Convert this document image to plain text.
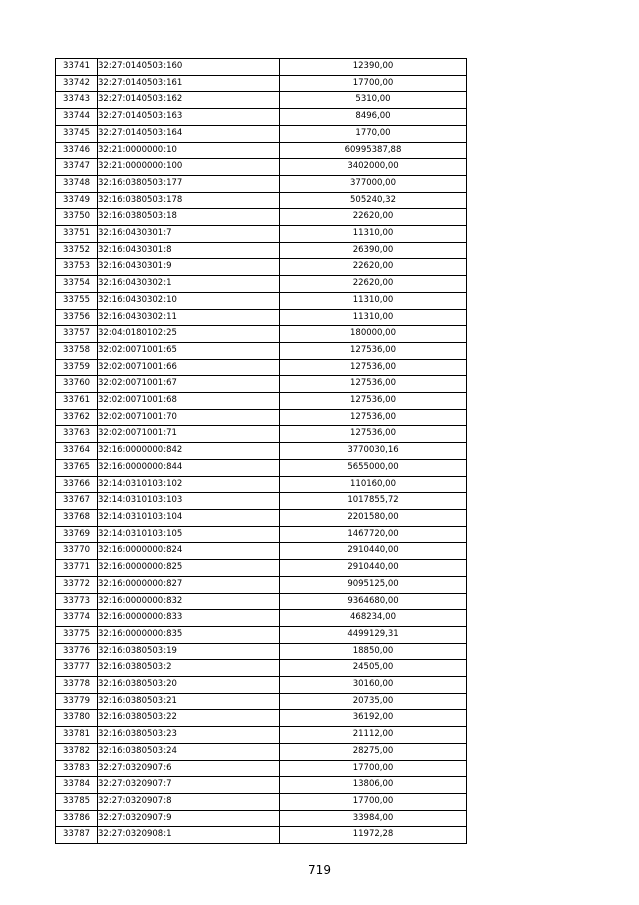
33741	32:27:0140503:160	12390,00
33742	32:27:0140503:161	17700,00
33743	32:27:0140503:162	5310,00
33744	32:27:0140503:163	8496,00
33745	32:27:0140503:164	1770,00
33746	32:21:0000000:10	60995387,88
33747	32:21:0000000:100	3402000,00
33748	32:16:0380503:177	377000,00
33749	32:16:0380503:178	505240,32
33750	32:16:0380503:18	22620,00
33751	32:16:0430301:7	11310,00
33752	32:16:0430301:8	26390,00
33753	32:16:0430301:9	22620,00
33754	32:16:0430302:1	22620,00
33755	32:16:0430302:10	11310,00
33756	32:16:0430302:11	11310,00
33757	32:04:0180102:25	180000,00
33758	32:02:0071001:65	127536,00
33759	32:02:0071001:66	127536,00
33760	32:02:0071001:67	127536,00
33761	32:02:0071001:68	127536,00
33762	32:02:0071001:70	127536,00
33763	32:02:0071001:71	127536,00
33764	32:16:0000000:842	3770030,16
33765	32:16:0000000:844	5655000,00
33766	32:14:0310103:102	110160,00
33767	32:14:0310103:103	1017855,72
33768	32:14:0310103:104	2201580,00
33769	32:14:0310103:105	1467720,00
33770	32:16:0000000:824	2910440,00
33771	32:16:0000000:825	2910440,00
33772	32:16:0000000:827	9095125,00
33773	32:16:0000000:832	9364680,00
33774	32:16:0000000:833	468234,00
33775	32:16:0000000:835	4499129,31
33776	32:16:0380503:19	18850,00
33777	32:16:0380503:2	24505,00
33778	32:16:0380503:20	30160,00
33779	32:16:0380503:21	20735,00
33780	32:16:0380503:22	36192,00
33781	32:16:0380503:23	21112,00
33782	32:16:0380503:24	28275,00
33783	32:27:0320907:6	17700,00
33784	32:27:0320907:7	13806,00
33785	32:27:0320907:8	17700,00
33786	32:27:0320907:9	33984,00
33787	32:27:0320908:1	11972,28
719
